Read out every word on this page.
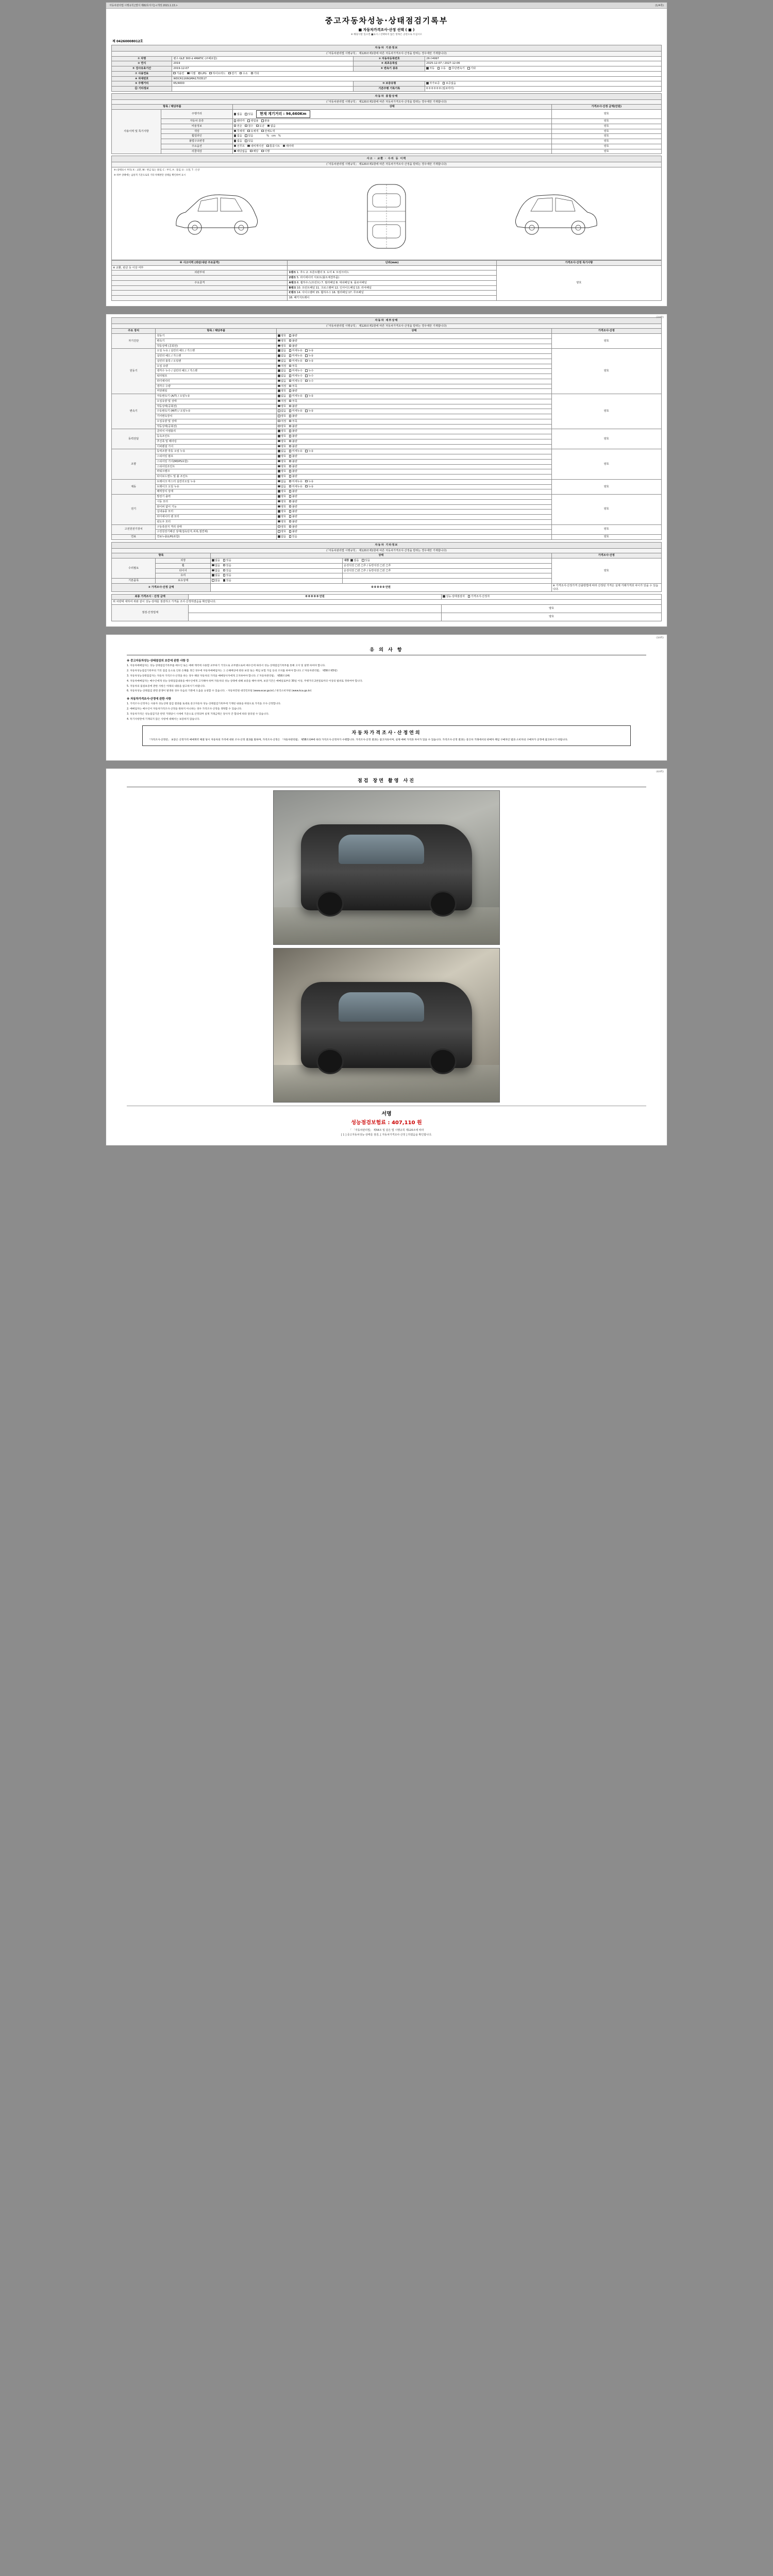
자동차관리법 시행규칙 [별지 제82호서식] <개정 2021.1.13.>	(1/4쪽)
중고자동차성능·상태점검기록부
■ 자동차가격조사·산정 선택 ( ■ )
※ 해당사항 있으면 ■표시 / 선택하지 않은 항목은 공란으로 두십시오
제 04260008012호
자동차 기본정보			
(「자동차관리법 시행규칙」 제120조제1항에 따른 자동차가격조사·산정을 받려는 경우에만 기재합니다)			
① 차명	벤츠 GLE 300 d 4MATIC (쿠페포함)	② 자동차등록번호	26구4997
③ 연식	2019	④ 최초등록일	2025-12-07 / 2027-12-06
⑤ 검사유효기간	2019-12-07	⑥ 변속기 종류	자동 수동 무단변속기 기타
⑦ 사용연료	가솔린 디젤 LPG 하이브리드 전기 수소 기타		
⑧ 차대번호	WDCR1166GMA1703517		
⑨ 주행거리	65/4000	⑩ 보증유형	자가보증 보증없음
⑪ 기타정보		기존주행 기록기록	0 0 0 0 0 0 (킬로미터)
자동차 종합상태			
(「자동차관리법 시행규칙」 제120조제1항에 따른 자동차가격조사·산정을 받려는 경우에만 기재합니다)			
항목 / 해당부품		상태	가격조사·산정 금액(만원)
사용이력 및 특기사항	주행거리	없음 있음 현재 계기거리 : 96,660Km	양호
	자동차 종류	렌터카 영업용 관용	양호
	비율정보	전손 침수 도난 없음	양호
	색상	무채색 유채색 전체도색	양호
	휠얼라인	없음 있음 %   cm   %	양호
	불법구조변경	없음 있음	양호
	주요옵션	선루프 내비게이션 통풍시트 에어백	양호
	리콜대상	해당없음 해당 이행	양호
사고 · 교환 · 수리 등 이력
(「자동차관리법 시행규칙」 제120조제1항에 따른 자동차가격조사·산정을 받려는 경우에만 기재합니다)
※ (상태표시 부호) X : 교환, W : 판금 또는 용접, C : 부식, A : 흠집, U : 요철, T : 손상
※ 하부 상태에는 숨통적 기준으로의 기타 차체판단 상태를 확인하여 표시
※ 사고이력 (외판/내판 주요골격)	단위(mm)	가격조사·산정 특기사항
※ 교환, 판금 등 이상 여부		양호
외판부위	1랭크 1. 후드 2. 프론트휀더 3. 도어 4. 트렁크리드	
	2랭크 5. 라디에이터 서포트(볼트체결부품)	
주요골격	A랭크 6. 휠하우스(프런트) 7. 필러패널 8. 대쉬패널 9. 플로어패널	
	B랭크 10. 프런트패널 11. 크로스멤버 12. 인사이드패널 13. 리어패널	
	C랭크 14. 사이드멤버 15. 휠하우스 16. 필러패널 17. 루프패널	
	18. 패키지트레이	
(2/4쪽)
자동차 세부상태			
(「자동차관리법 시행규칙」 제120조제1항에 따른 자동차가격조사·산정을 받려는 경우에만 기재합니다)			
주요 장치	항목 / 해당부품	상태	가격조사·산정
자기진단	원동기	양호 불량	양호
	변속기	양호 불량	
	작동상태 (공회전)	양호 불량	
원동기	오일 누유 / 실린더 헤드 / 가스켓	없음 미세누유 누유	양호
	실린더 헤드 / 가스켓	없음 미세누유 누유	
	실린더 블록 / 오일팬	없음 미세누유 누유	
	오일 유량	적정 부족	
	냉각수 누수 / 실린더 헤드 / 가스켓	없음 미세누수 누수	
	워터펌프	없음 미세누수 누수	
	라디에이터	없음 미세누수 누수	
	냉각수 수량	적정 부족	
	커먼레일	양호 불량	
변속기	자동변속기 (A/T) / 오일누유	없음 미세누유 누유	양호
	오일유량 및 상태	적정 부족	
	작동상태(공회전)	양호 불량	
	수동변속기 (M/T) / 오일누유	없음 미세누유 누유	
	기어변속장치	양호 불량	
	오일유량 및 상태	적정 부족	
	작동상태(공회전)	양호 불량	
동력전달	클러치 어셈블리	양호 불량	양호
	등속조인트	양호 불량	
	추진축 및 베어링	양호 불량	
	디퍼렌셜 기어	양호 불량	
조향	동력조향 작동 오일 누유	없음 미세누유 누유	양호
	스티어링 펌프	양호 불량	
	스티어링 기어(MDPS포함)	양호 불량	
	스티어링조인트	양호 불량	
	파워크랭크	양호 불량	
	타이로드엔드 및 볼 조인트	양호 불량	
제동	브레이크 마스터 실린더오일 누유	없음 미세누유 누유	양호
	브레이크 오일 누유	없음 미세누유 누유	
	배력장치 상태	양호 불량	
전기	발전기 출력	양호 불량	양호
	시동 모터	양호 불량	
	와이퍼 없이 기능	양호 불량	
	실내송풍 모터	양호 불량	
	라디에이터 팬 모터	양호 불량	
	윈도우 모터	양호 불량	
고전원전기장치	구동축전지 격리 상태	양호 불량	양호
	고전원전기배선 상태(접속단자,피복,절연체)	양호 불량	
연료	연료누출(LPG포함)	없음 있음	양호
자동차 기타정보				
(「자동차관리법 시행규칙」 제120조제1항에 따른 자동차가격조사·산정을 받려는 경우에만 기재합니다)				
항목		상태		가격조사·산정
수리필요	외장	없음 있음	내장 없음 있음	양호
	휠	없음 있음	운전석전 □전 □후 / 동반석전 □전 □후	
	타이어	없음 있음	운전석전 □전 □후 / 동반석전 □전 □후	
	유리	없음 있음		
기본품목	보유상태	없음 있음		
③ 가격조사·산정 금액		0 0 0 0 0 만원		※ 가격조사·산정가격 산출방법에 따라 산정된 가격은 실제 거래가격과 차이가 있을 수 있습니다.
최종 가격조사 · 산정 금액	0 0 0 0 0 만원	성능·상태점검자 가격조사·산정자
위 차량에 대하여 위와 같이 성능·상태를 점검하고 가격을 조사·산정하였음을 확인합니다.		
점검·산정업체		양호
		양호
(3/4쪽)
유 의 사 항
※ 중고자동차성능·상태점검의 보증에 관한 사항 등
1. 자동차매매업자는 성능·상태점검기록부를 매수인 또는 매매 계약에 사용할 교부하기 거짓으로 교부했으로써 매수인에 따라서 성능·상태점검기록부를 통해 고지 및 설명 하여야 합니다.
2. 자동차성능점검기록부의 거짓 점검 등으로 인한 손해를 생긴 경우에 자동차매매업자는 그 손해배상에 관한 보장 또는 책임 보험 가입 등의 조치를 하여야 합니다. (「자동차관리법」 제58조제5항)
3. 자동차성능상태점검자는 자동차 가격조사·산정을 하는 경우 해당 자동차의 가격을 매매당사자에게 고지하여야 합니다. (「자동차관리법」 제58조의4)
4. 자동차매매업자는 매수인에게 성능·상태점검내용을 매수인에게 고지해야 하며 자동차의 성능·상태에 대해 보증을 해야 하며, 보증기간은 매매일로부터 30일 이상, 주행거리 2천킬로미터 이상의 범위로 정하여야 합니다.
5. 자동차의 품질보증에 관한 사항은 아래의 내용을 참고하시기 바랍니다.
6. 자동차성능·상태점검 관련 분쟁이 발생한 경우 다음의 기관에 도움을 요청할 수 있습니다. - 자동차민원 대국민포털 (www.ecar.go.kr) / 한국소비자원 (www.kca.go.kr)
※ 자동차가격조사·산정에 관한 사항
1. 가격조사·산정자는 사용자 성능상태 점검 결과를 토대로 중고자동차 성능·상태점검기록부에 기재된 내용을 바탕으로 가격을 조사·산정합니다.
2. 매매업자는 매수인이 자동차가격조사·산정을 원하지 아니하는 경우 가격조사·산정을 생략할 수 있습니다.
3. 자동차가격은 성능점검기준 반영 거래당시 시세에 기준으로 산정되며 실제 거래금액은 당사자 간 합의에 따라 달라질 수 있습니다.
4. 특기사항란에 기재되지 않은 사항에 대해서는 보증하지 않습니다.
자동차가격조사·산정연의
「가격조사·산정연」 보증은 산정가격 매매계약 체결 당시 자동차의 가격에 대한 조사·산정 결과를 말하며, 가격조사·산정은 「자동차관리법」 제58조의4에 따라 가격조사·산정자가 수행합니다. 가격조사·산정 결과는 참고자료이며, 실제 매매 가격과 차이가 있을 수 있습니다. 가격조사·산정 결과는 중고차 거래에서의 판매자 책임 구매자인 법과 소비자의 구매자가 공정에 참고하시기 바랍니다.
(4/4쪽)
점검 장면 촬영 사진
서명
성능점검보험료 : 407,110 원
「 「자동차관리법」 제58조 및 같은 법 시행규칙 제120조에 따라
[ 1 ] 중고자동차성능·상태를 점검, [ 자동차가격조사·산정 ] 하였음을 확인합니다.
